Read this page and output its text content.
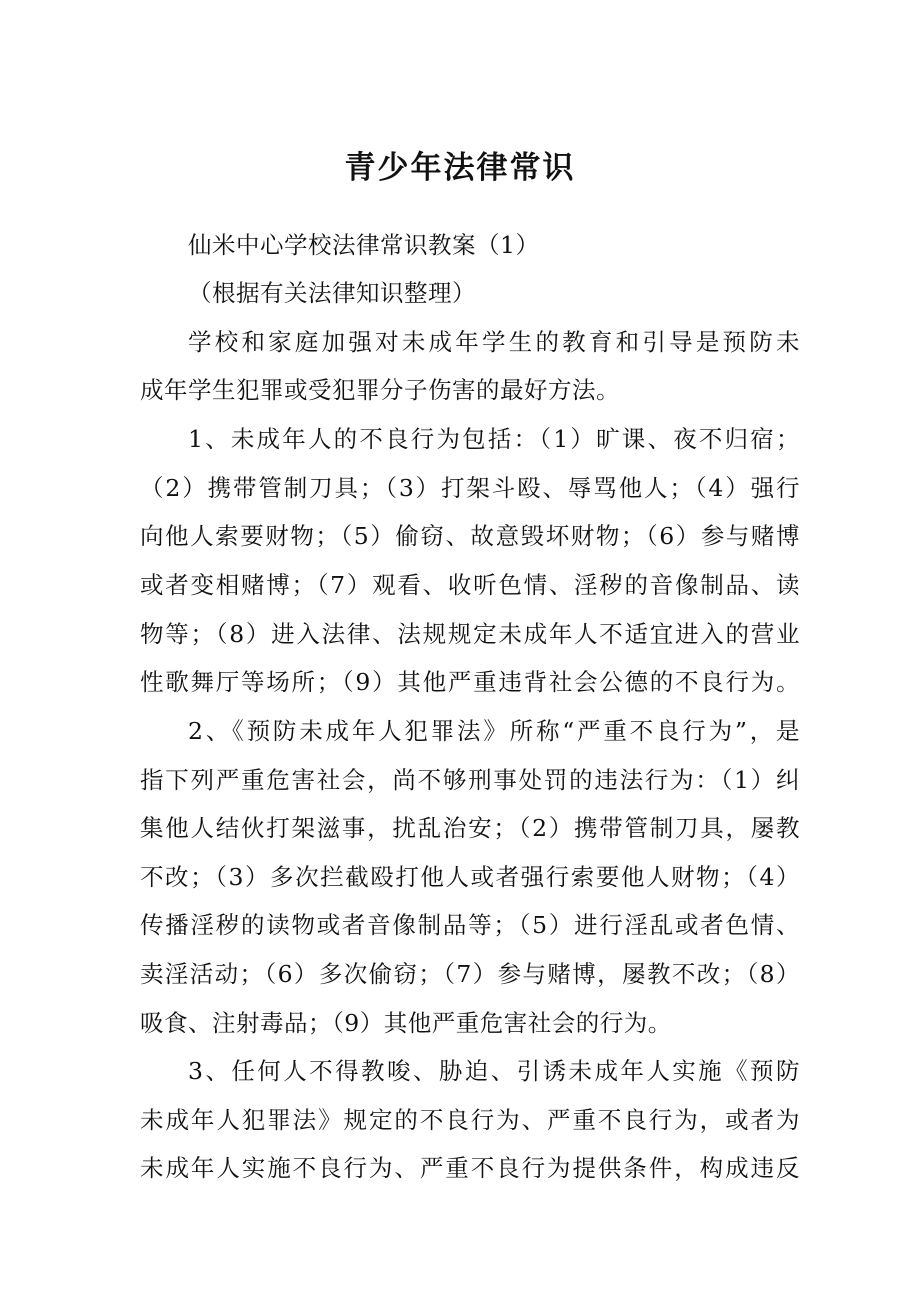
青少年法律常识
仙米中心学校法律常识教案（1）
（根据有关法律知识整理）
学校和家庭加强对未成年学生的教育和引导是预防未
成年学生犯罪或受犯罪分子伤害的最好方法。
1、未成年人的不良行为包括：（1）旷课、夜不归宿；
（2）携带管制刀具；（3）打架斗殴、辱骂他人；（4）强行
向他人索要财物；（5）偷窃、故意毁坏财物；（6）参与赌博
或者变相赌博；（7）观看、收听色情、淫秽的音像制品、读
物等；（8）进入法律、法规规定未成年人不适宜进入的营业
性歌舞厅等场所；（9）其他严重违背社会公德的不良行为。
2、《预防未成年人犯罪法》所称“严重不良行为”，是
指下列严重危害社会，尚不够刑事处罚的违法行为：（1）纠
集他人结伙打架滋事，扰乱治安；（2）携带管制刀具，屡教
不改；（3）多次拦截殴打他人或者强行索要他人财物；（4）
传播淫秽的读物或者音像制品等；（5）进行淫乱或者色情、
卖淫活动；（6）多次偷窃；（7）参与赌博，屡教不改；（8）
吸食、注射毒品；（9）其他严重危害社会的行为。
3、任何人不得教唆、胁迫、引诱未成年人实施《预防
未成年人犯罪法》规定的不良行为、严重不良行为，或者为
未成年人实施不良行为、严重不良行为提供条件，构成违反
